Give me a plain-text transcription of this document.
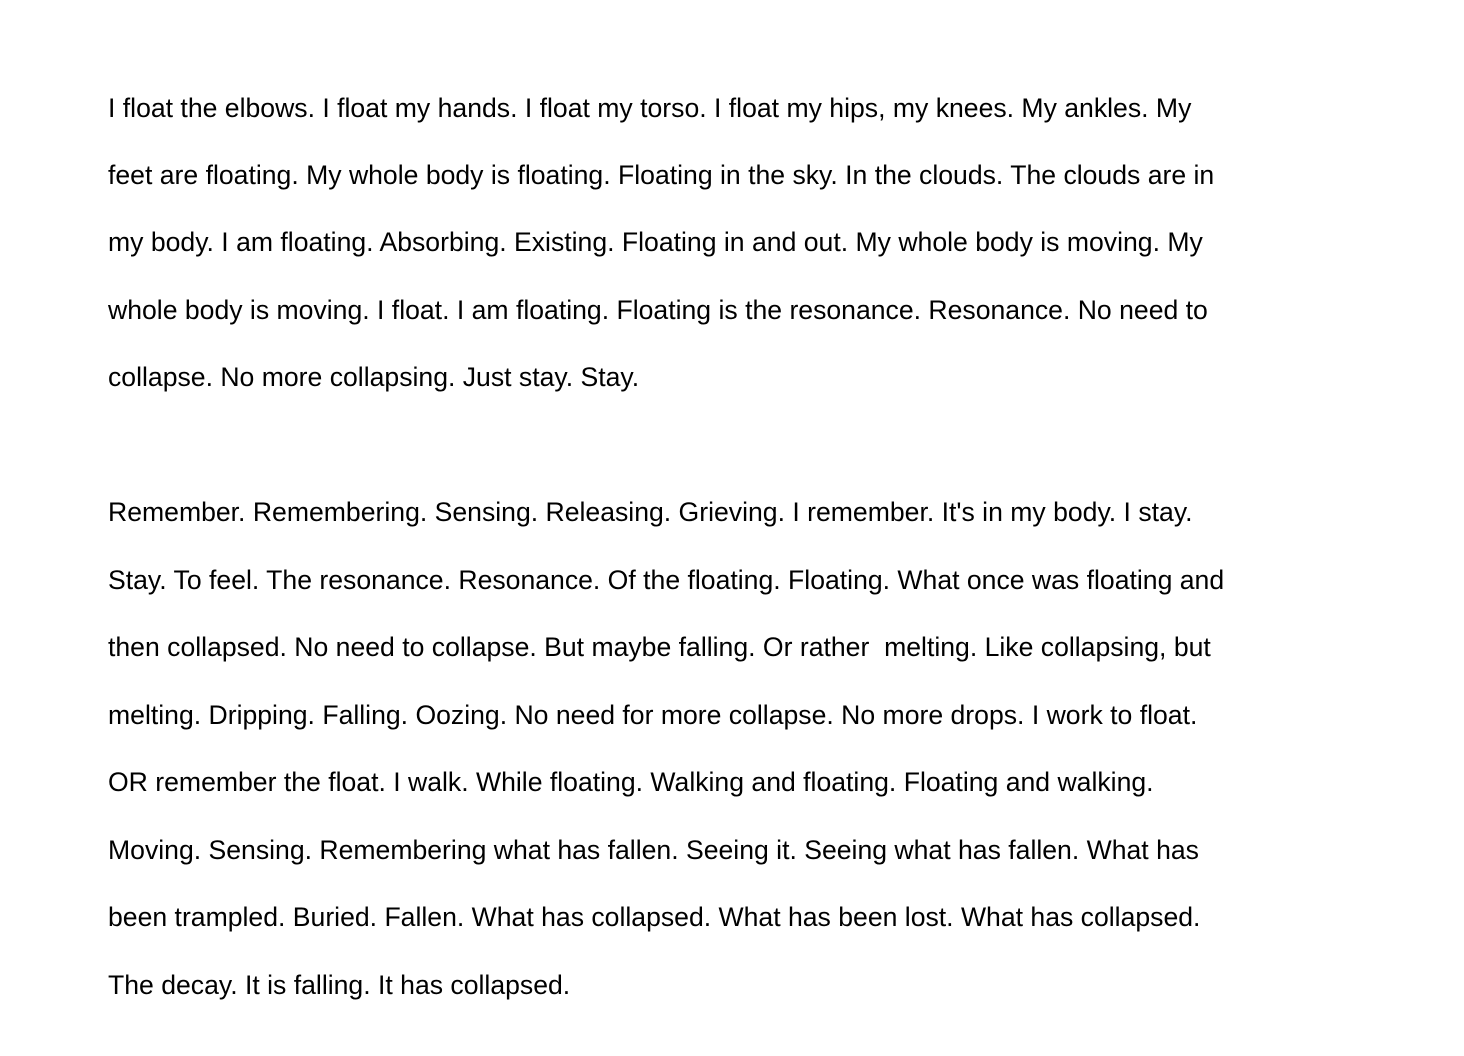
I float the elbows. I float my hands. I float my torso. I float my hips, my knees. My ankles. My
feet are floating. My whole body is floating. Floating in the sky. In the clouds. The clouds are in
my body. I am floating. Absorbing. Existing. Floating in and out. My whole body is moving. My
whole body is moving. I float. I am floating. Floating is the resonance. Resonance. No need to
collapse. No more collapsing. Just stay. Stay.
Remember. Remembering. Sensing. Releasing. Grieving. I remember. It's in my body. I stay.
Stay. To feel. The resonance. Resonance. Of the floating. Floating. What once was floating and
then collapsed. No need to collapse. But maybe falling. Or rather  melting. Like collapsing, but
melting. Dripping. Falling. Oozing. No need for more collapse. No more drops. I work to float.
OR remember the float. I walk. While floating. Walking and floating. Floating and walking.
Moving. Sensing. Remembering what has fallen. Seeing it. Seeing what has fallen. What has
been trampled. Buried. Fallen. What has collapsed. What has been lost. What has collapsed.
The decay. It is falling. It has collapsed.
